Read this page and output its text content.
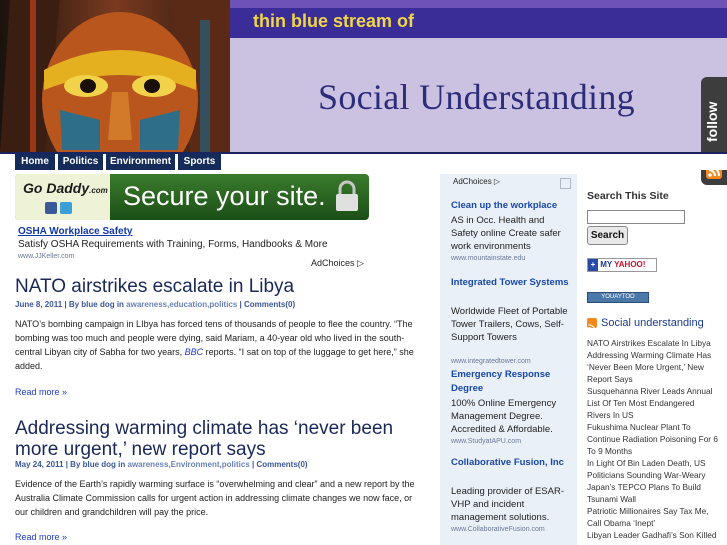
thin blue stream of
Social Understanding
follow
Home	Politics	Environment	Sports
Go Daddy.com Secure your site.
OSHA Workplace Safety
Satisfy OSHA Requirements with Training, Forms, Handbooks & More
www.JJKeller.com
AdChoices ▷
NATO airstrikes escalate in Libya
June 8, 2011 | By blue dog in awareness,education,politics | Comments(0)
NATO’s bombing campaign in LIbya has forced tens of thousands of people to flee the country. “The bombing was too much and people were dying, said Mariam, a 40-year old who lived in the south-central Libyan city of Sabha for two years, BBC reports. “I sat on top of the luggage to get here,” she added.
Read more »
Addressing warming climate has ‘never been more urgent,’ new report says
May 24, 2011 | By blue dog in awareness,Environment,politics | Comments(0)
Evidence of the Earth’s rapidly warming surface is “overwhelming and clear” and a new report by the Australia Climate Commission calls for urgent action in addressing climate changes we now face, or our children and grandchildren will pay the price.
Read more »
AdChoices ▷
Clean up the workplace
AS in Occ. Health and Safety online Create safer work environments
www.mountainstate.edu
Integrated Tower Systems
Worldwide Fleet of Portable Tower Trailers, Cows, Self-Support Towers
www.integratedtower.com
Emergency Response Degree
100% Online Emergency Management Degree. Accredited & Affordable.
www.StudyatAPU.com
Collaborative Fusion, Inc
Leading provider of ESAR-VHP and incident management solutions.
www.CollaborativeFusion.com
Search This Site
Search
+ MY YAHOO!
YOUAYTOO
Social understanding
NATO Airstrikes Escalate In Libya
Addressing Warming Climate Has ‘Never Been More Urgent,’ New Report Says
Susquehanna River Leads Annual List Of Ten Most Endangered Rivers In US
Fukushima Nuclear Plant To Continue Radiation Poisoning For 6 To 9 Months
In Light Of Bin Laden Death, US Politicians Sounding War-Weary
Japan’s TEPCO Plans To Build Tsunami Wall
Patriotic Millionaires Say Tax Me, Call Obama ‘Inept’
Libyan Leader Gadhafi’s Son Killed
